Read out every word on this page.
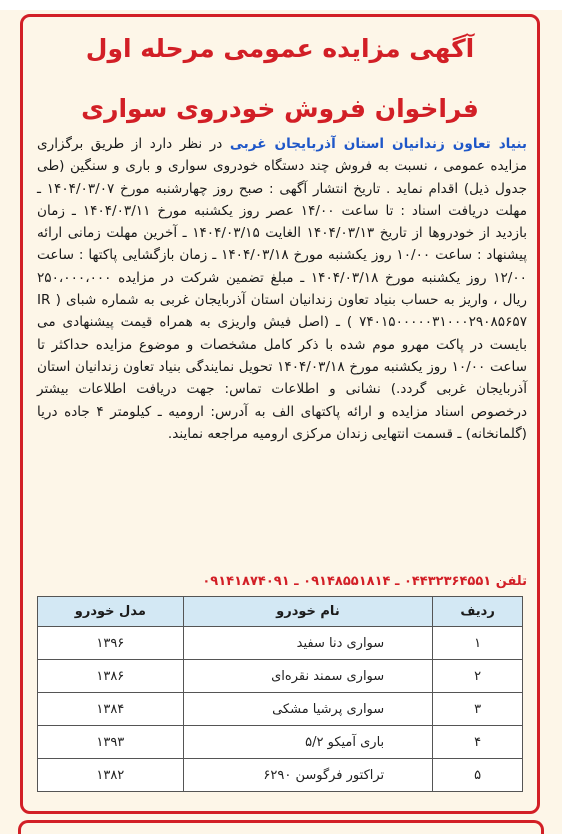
آگهی مزایده عمومی مرحله اول
فراخوان فروش خودروی سواری

بنیاد تعاون زندانیان استان آذربایجان غربی در نظر دارد از طریق برگزاری مزایده عمومی ، نسبت به فروش چند دستگاه خودروی سواری و باری و سنگین (طی جدول ذیل) اقدام نماید . تاریخ انتشار آگهی : صبح روز چهارشنبه مورخ ۱۴۰۴/۰۳/۰۷ ـ مهلت دریافت اسناد : تا ساعت ۱۴/۰۰ عصر روز یکشنبه مورخ ۱۴۰۴/۰۳/۱۱ ـ زمان بازدید از خودروها از تاریخ ۱۴۰۴/۰۳/۱۳ الغایت ۱۴۰۴/۰۳/۱۵ ـ آخرین مهلت زمانی ارائه پیشنهاد : ساعت ۱۰/۰۰ روز یکشنبه مورخ ۱۴۰۴/۰۳/۱۸ ـ زمان بازگشایی پاکتها : ساعت ۱۲/۰۰ روز یکشنبه مورخ ۱۴۰۴/۰۳/۱۸ ـ مبلغ تضمین شرکت در مزایده ۲۵۰،۰۰۰،۰۰۰ ریال ، واریز به حساب بنیاد تعاون زندانیان استان آذربایجان غربی به شماره شبای ( IR ۷۴۰۱۵۰۰۰۰۰۳۱۰۰۰۲۹۰۸۵۶۵۷ ) ـ (اصل فیش واریزی به همراه قیمت پیشنهادی می بایست در پاکت مهرو موم شده با ذکر کامل مشخصات و موضوع مزایده حداکثر تا ساعت ۱۰/۰۰ روز یکشنبه مورخ ۱۴۰۴/۰۳/۱۸ تحویل نمایندگی بنیاد تعاون زندانیان استان آذربایجان غربی گردد.) نشانی و اطلاعات تماس: جهت دریافت اطلاعات بیشتر درخصوص اسناد مزایده و ارائه پاکتهای الف به آدرس: ارومیه ـ کیلومتر ۴ جاده دریا (گلمانخانه) ـ قسمت انتهایی زندان مرکزی ارومیه مراجعه نمایند.

تلفن ۰۴۴۳۲۳۶۴۵۵۱ ـ ۰۹۱۴۸۵۵۱۸۱۴ ـ ۰۹۱۴۱۸۷۴۰۹۱
ردیف	نام خودرو	مدل خودرو
۱	سواری دنا سفید	۱۳۹۶
۲	سواری سمند نقره‌ای	۱۳۸۶
۳	سواری پرشیا مشکی	۱۳۸۴
۴	باری آمیکو ۵/۲	۱۳۹۳
۵	تراکتور فرگوسن ۶۲۹۰	۱۳۸۲
